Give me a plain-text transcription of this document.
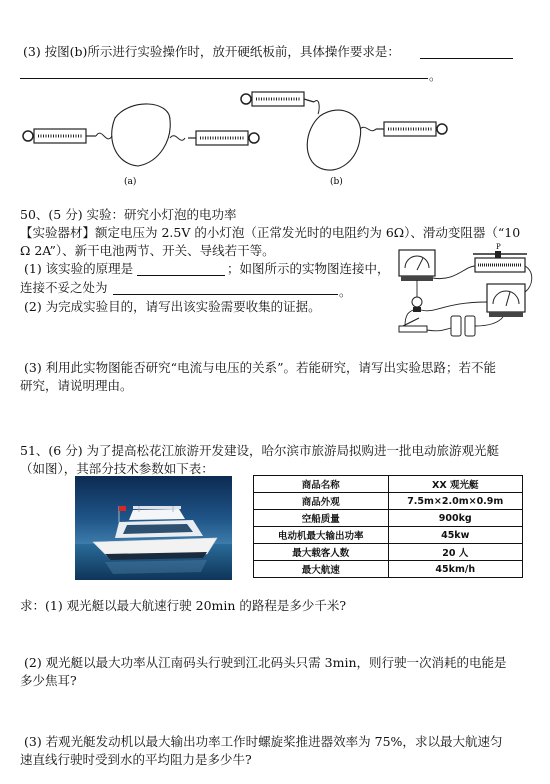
(3) 按图(b)所示进行实验操作时，放开硬纸板前，具体操作要求是：
。
(a)	(b)
50、(5 分) 实验：研究小灯泡的电功率
【实验器材】额定电压为 2.5V 的小灯泡（正常发光时的电阻约为 6Ω）、滑动变阻器（“10
Ω 2A”）、新干电池两节、开关、导线若干等。
(1) 该实验的原理是	；如图所示的实物图连接中，
连接不妥之处为	。
(2) 为完成实验目的，请写出该实验需要收集的证据。
P
(3) 利用此实物图能否研究“电流与电压的关系”。若能研究，请写出实验思路；若不能
研究，请说明理由。
51、(6 分) 为了提高松花江旅游开发建设，哈尔滨市旅游局拟购进一批电动旅游观光艇
（如图），其部分技术参数如下表：
商品名称	XX 观光艇
商品外观	7.5m×2.0m×0.9m
空船质量	900kg
电动机最大输出功率	45kw
最大载客人数	20 人
最大航速	45km/h
求：(1) 观光艇以最大航速行驶 20min 的路程是多少千米?
(2) 观光艇以最大功率从江南码头行驶到江北码头只需 3min，则行驶一次消耗的电能是
多少焦耳?
(3) 若观光艇发动机以最大输出功率工作时螺旋桨推进器效率为 75%，求以最大航速匀
速直线行驶时受到水的平均阻力是多少牛?
